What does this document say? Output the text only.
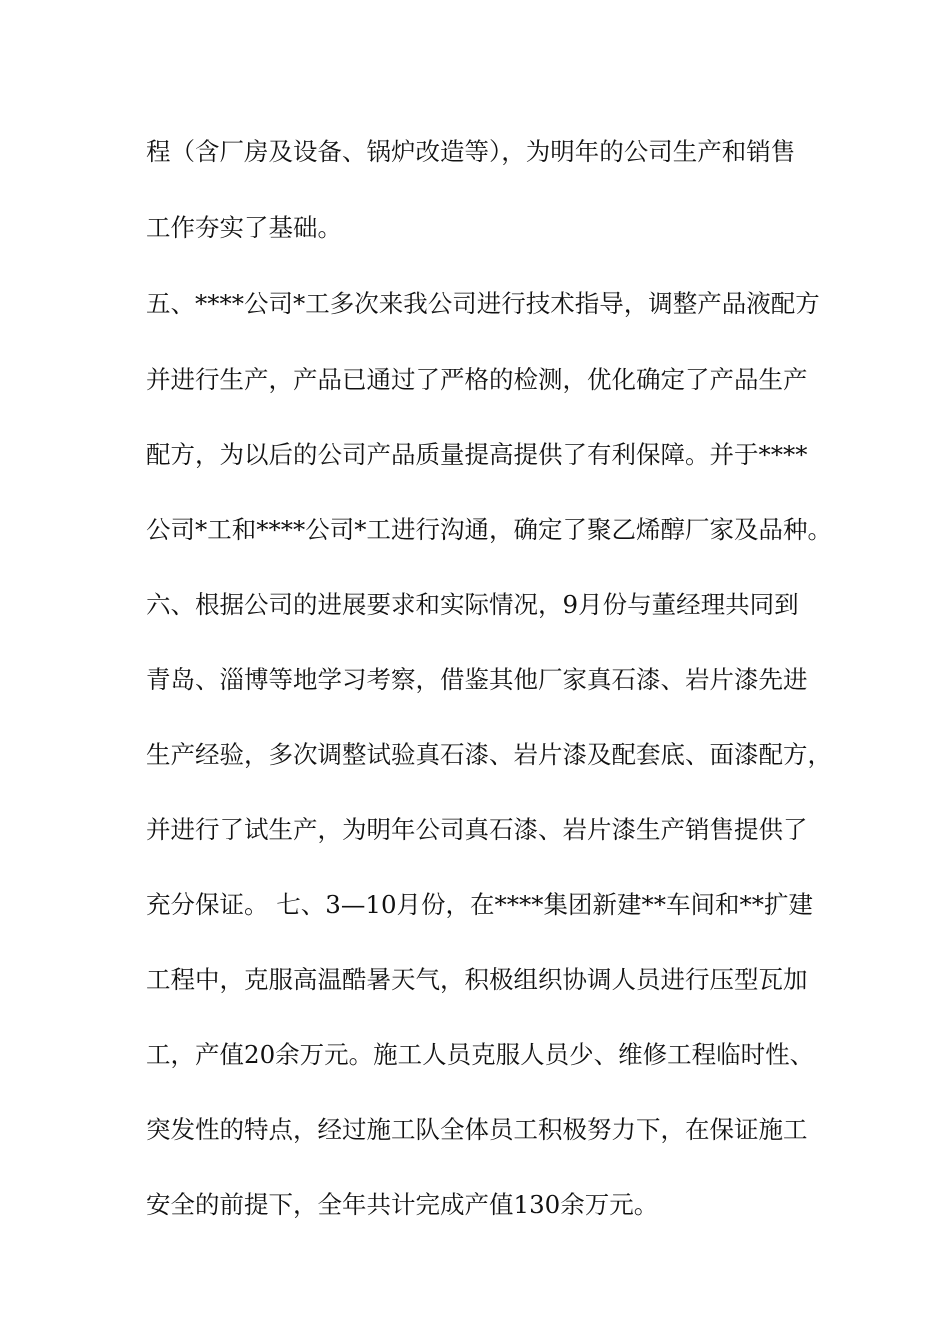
程（含厂房及设备、锅炉改造等），为明年的公司生产和销售
工作夯实了基础。
五、****公司*工多次来我公司进行技术指导，调整产品液配方
并进行生产，产品已通过了严格的检测，优化确定了产品生产
配方，为以后的公司产品质量提高提供了有利保障。并于****
公司*工和****公司*工进行沟通，确定了聚乙烯醇厂家及品种。
六、根据公司的进展要求和实际情况，9月份与董经理共同到
青岛、淄博等地学习考察，借鉴其他厂家真石漆、岩片漆先进
生产经验，多次调整试验真石漆、岩片漆及配套底、面漆配方，
并进行了试生产，为明年公司真石漆、岩片漆生产销售提供了
充分保证。 七、3—10月份，在****集团新建**车间和**扩建
工程中，克服高温酷暑天气，积极组织协调人员进行压型瓦加
工，产值20余万元。施工人员克服人员少、维修工程临时性、
突发性的特点，经过施工队全体员工积极努力下，在保证施工
安全的前提下，全年共计完成产值130余万元。
